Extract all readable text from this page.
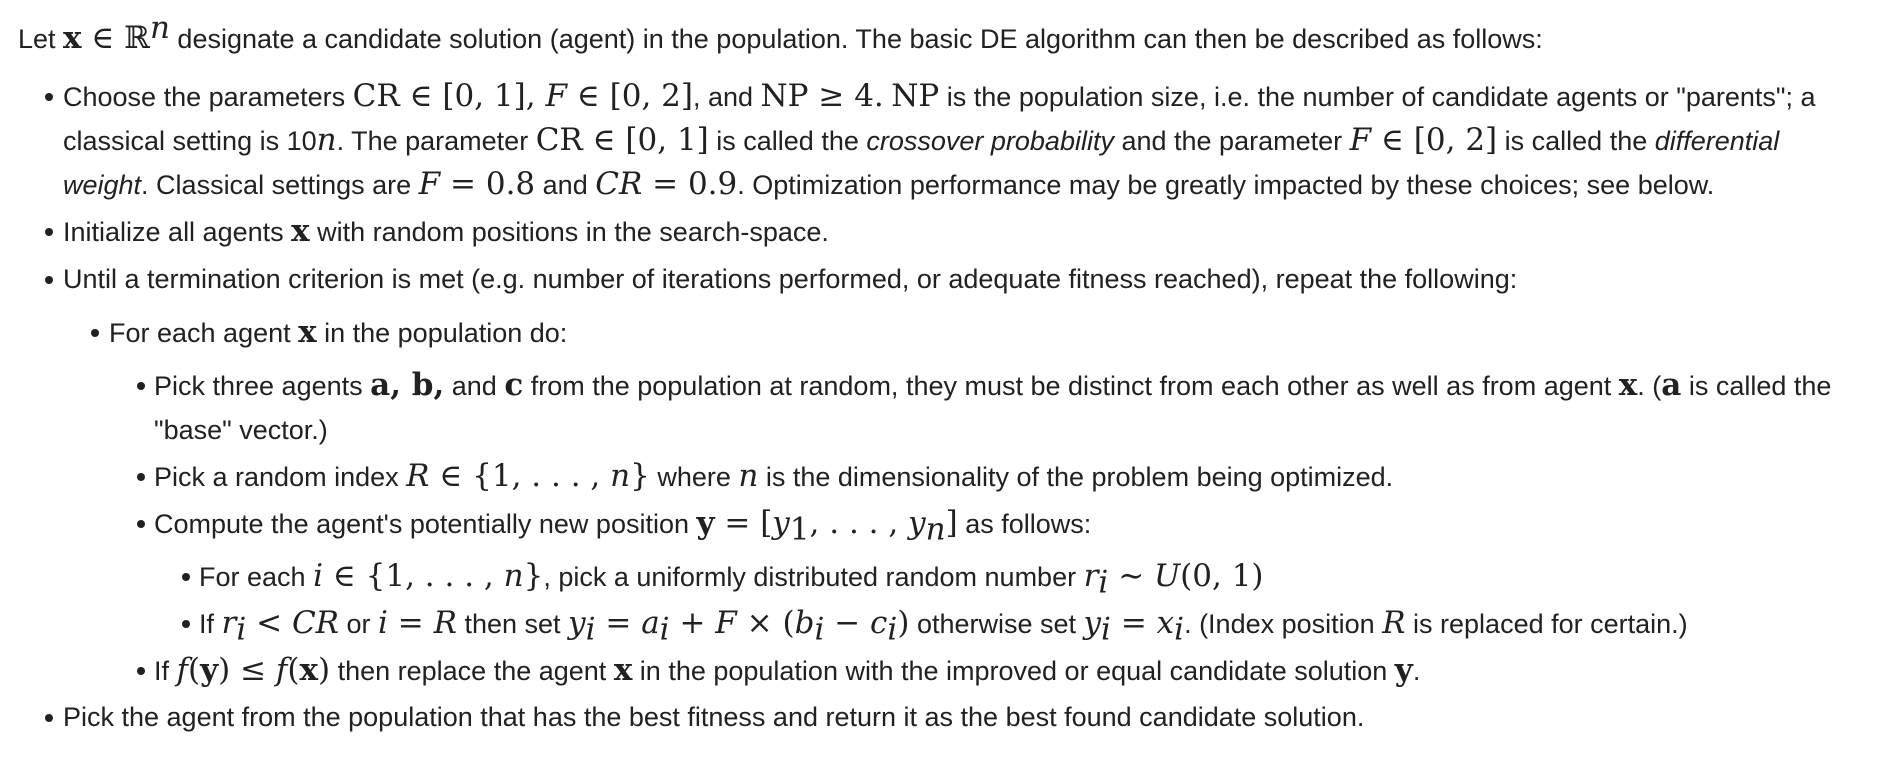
Let x ∈ ℝ$^n$ designate a candidate solution (agent) in the population. The basic DE algorithm can then be described as follows:
Choose the parameters CR ∈ [0, 1], F ∈ [0, 2], and NP ≥ 4. NP is the population size, i.e. the number of candidate agents or "parents"; a
classical setting is 10n. The parameter CR ∈ [0, 1] is called the crossover probability and the parameter F ∈ [0, 2] is called the differential
weight. Classical settings are F = 0.8 and CR = 0.9. Optimization performance may be greatly impacted by these choices; see below.
Initialize all agents x with random positions in the search-space.
Until a termination criterion is met (e.g. number of iterations performed, or adequate fitness reached), repeat the following:
For each agent x in the population do:
Pick three agents a, b, and c from the population at random, they must be distinct from each other as well as from agent x. (a is called the
"base" vector.)
Pick a random index R ∈ {1, . . . , n} where n is the dimensionality of the problem being optimized.
Compute the agent's potentially new position $y = [y_1$, . . . , $y_n$] as follows:
For each i ∈ {1, . . . , n}, pick a uniformly distributed random number $r_i$ ∼ U(0, 1)
If $r_i$ < CR or i = R then set $y_i = a_i + F \times (b_i - c_i)$ otherwise set $y_i = x_i$. (Index position R is replaced for certain.)
If f(y) ≤ f(x) then replace the agent x in the population with the improved or equal candidate solution y.
Pick the agent from the population that has the best fitness and return it as the best found candidate solution.
